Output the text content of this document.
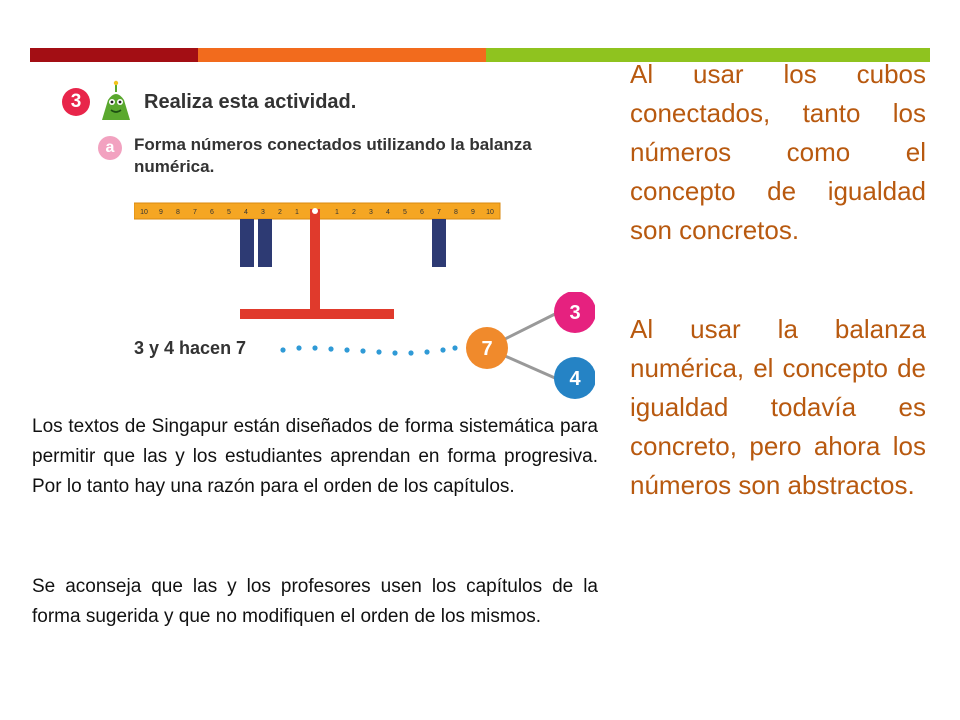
3	Realiza esta actividad.
a	Forma números conectados utilizando la balanza numérica.
10 9 8 7 6 5 4 3 2 1	1 2 3 4 5 6 7 8 9 10
3 y 4 hacen 7	7
3
4
Al usar los cubos conectados, tanto los números como el concepto de igualdad son concretos.
Al usar la balanza numérica, el concepto de igualdad todavía es concreto, pero ahora los números son abstractos.
Los textos de Singapur están diseñados de forma sistemática para permitir que las y los estudiantes aprendan en forma progresiva. Por lo tanto hay una razón para el orden de los capítulos.
Se aconseja que las y los profesores usen los capítulos de la forma sugerida y que no modifiquen el orden de los mismos.
